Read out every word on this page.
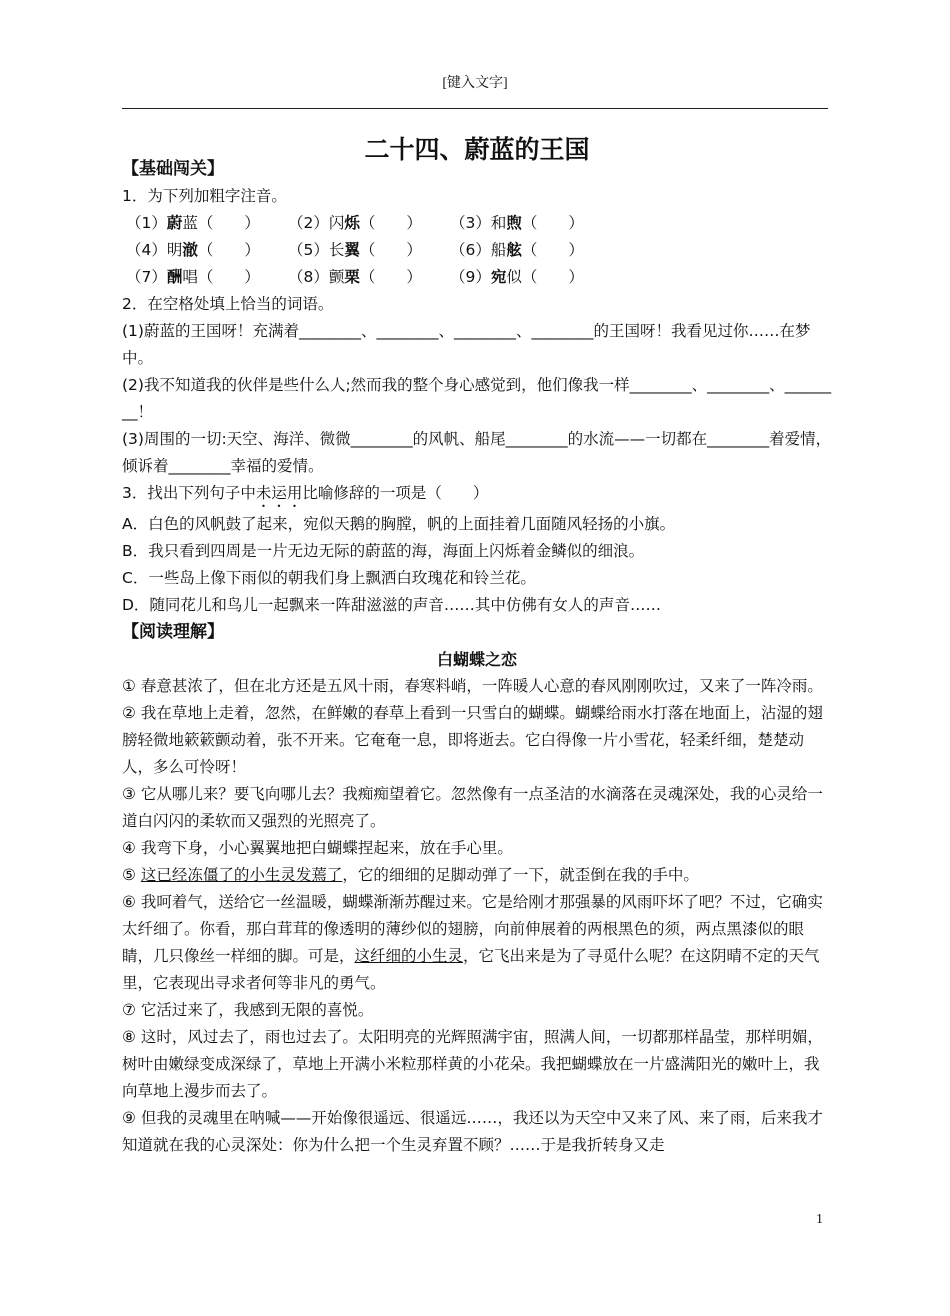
[键入文字]
二十四、蔚蓝的王国
【基础闯关】
1．为下列加粗字注音。
（1）蔚蓝（　　） （2）闪烁（　　） （3）和煦（　　）
（4）明澈（　　） （5）长翼（　　） （6）船舷（　　）
（7）酬唱（　　） （8）颤栗（　　） （9）宛似（　　）
2．在空格处填上恰当的词语。
(1)蔚蓝的王国呀！充满着________、________、________、________的王国呀！我看见过你……在梦中。
(2)我不知道我的伙伴是些什么人;然而我的整个身心感觉到，他们像我一样________、________、________！
(3)周围的一切:天空、海洋、微微________的风帆、船尾________的水流——一切都在________着爱情，倾诉着________幸福的爱情。
3．找出下列句子中未运用比喻修辞的一项是（　　）
A．白色的风帆鼓了起来，宛似天鹅的胸膛，帆的上面挂着几面随风轻扬的小旗。
B．我只看到四周是一片无边无际的蔚蓝的海，海面上闪烁着金鳞似的细浪。
C．一些岛上像下雨似的朝我们身上飘洒白玫瑰花和铃兰花。
D．随同花儿和鸟儿一起飘来一阵甜滋滋的声音……其中仿佛有女人的声音……
【阅读理解】
白蝴蝶之恋
① 春意甚浓了，但在北方还是五风十雨，春寒料峭，一阵暖人心意的春风刚刚吹过，又来了一阵冷雨。
② 我在草地上走着，忽然，在鲜嫩的春草上看到一只雪白的蝴蝶。蝴蝶给雨水打落在地面上，沾湿的翅膀轻微地簌簌颤动着，张不开来。它奄奄一息，即将逝去。它白得像一片小雪花，轻柔纤细，楚楚动人，多么可怜呀！
③ 它从哪儿来？要飞向哪儿去？我痴痴望着它。忽然像有一点圣洁的水滴落在灵魂深处，我的心灵给一道白闪闪的柔软而又强烈的光照亮了。
④ 我弯下身，小心翼翼地把白蝴蝶捏起来，放在手心里。
⑤ 这已经冻僵了的小生灵发蔫了，它的细细的足脚动弹了一下，就歪倒在我的手中。
⑥ 我呵着气，送给它一丝温暖，蝴蝶渐渐苏醒过来。它是给刚才那强暴的风雨吓坏了吧？不过，它确实太纤细了。你看，那白茸茸的像透明的薄纱似的翅膀，向前伸展着的两根黑色的须，两点黑漆似的眼睛，几只像丝一样细的脚。可是，这纤细的小生灵，它飞出来是为了寻觅什么呢？在这阴晴不定的天气里，它表现出寻求者何等非凡的勇气。
⑦ 它活过来了，我感到无限的喜悦。
⑧ 这时，风过去了，雨也过去了。太阳明亮的光辉照满宇宙，照满人间，一切都那样晶莹，那样明媚，树叶由嫩绿变成深绿了，草地上开满小米粒那样黄的小花朵。我把蝴蝶放在一片盛满阳光的嫩叶上，我向草地上漫步而去了。
⑨ 但我的灵魂里在呐喊——开始像很遥远、很遥远……，我还以为天空中又来了风、来了雨，后来我才知道就在我的心灵深处：你为什么把一个生灵弃置不顾？……于是我折转身又走
1
